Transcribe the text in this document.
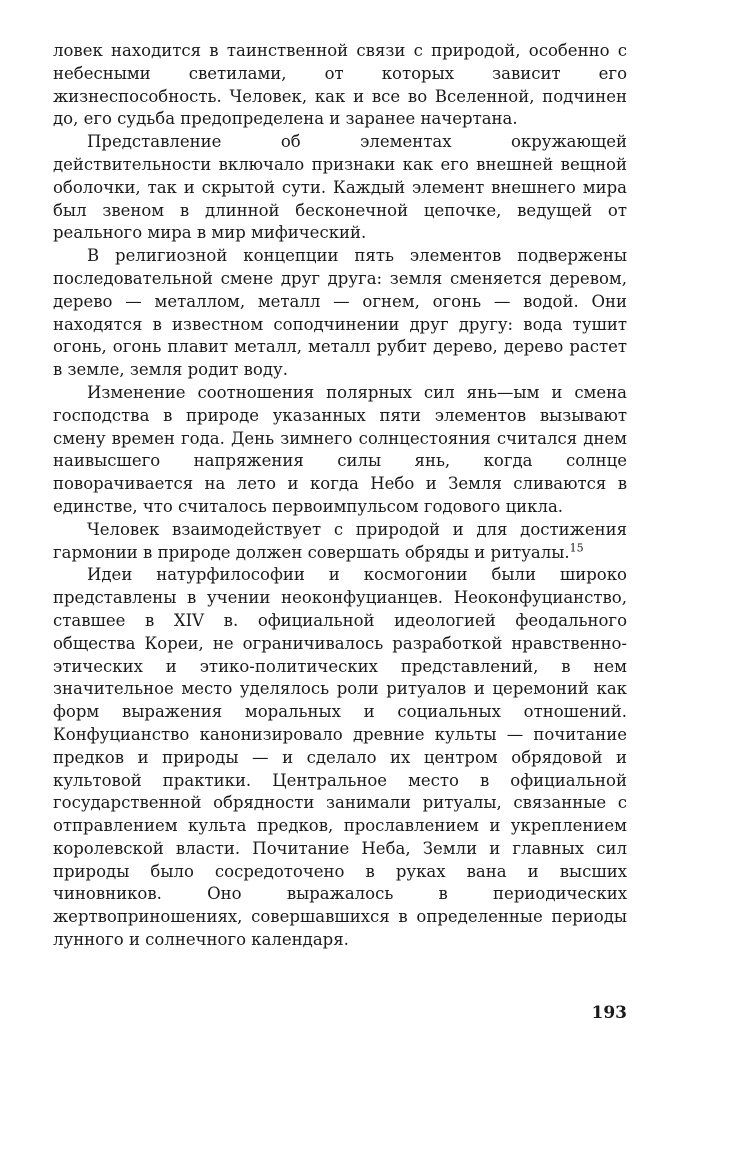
ловек находится в таинственной связи с природой, особенно с небесными светилами, от которых зависит его жизнеспособность. Человек, как и все во Вселенной, подчинен до, его судьба предопределена и заранее начертана.

Представление об элементах окружающей действительности включало признаки как его внешней вещной оболочки, так и скрытой сути. Каждый элемент внешнего мира был звеном в длинной бесконечной цепочке, ведущей от реального мира в мир мифический.

В религиозной концепции пять элементов подвержены последовательной смене друг друга: земля сменяется деревом, дерево — металлом, металл — огнем, огонь — водой. Они находятся в известном соподчинении друг другу: вода тушит огонь, огонь плавит металл, металл рубит дерево, дерево растет в земле, земля родит воду.

Изменение соотношения полярных сил янь—ым и смена господства в природе указанных пяти элементов вызывают смену времен года. День зимнего солнцестояния считался днем наивысшего напряжения силы янь, когда солнце поворачивается на лето и когда Небо и Земля сливаются в единстве, что считалось первоимпульсом годового цикла.

Человек взаимодействует с природой и для достижения гармонии в природе должен совершать обряды и ритуалы.$^{15}$

Идеи натурфилософии и космогонии были широко представлены в учении неоконфуцианцев. Неоконфуцианство, ставшее в XIV в. официальной идеологией феодального общества Кореи, не ограничивалось разработкой нравственно-этических и этико-политических представлений, в нем значительное место уделялось роли ритуалов и церемоний как форм выражения моральных и социальных отношений. Конфуцианство канонизировало древние культы — почитание предков и природы — и сделало их центром обрядовой и культовой практики. Центральное место в официальной государственной обрядности занимали ритуалы, связанные с отправлением культа предков, прославлением и укреплением королевской власти. Почитание Неба, Земли и главных сил природы было сосредоточено в руках вана и высших чиновников. Оно выражалось в периодических жертвоприношениях, совершавшихся в определенные периоды лунного и солнечного календаря.

193
